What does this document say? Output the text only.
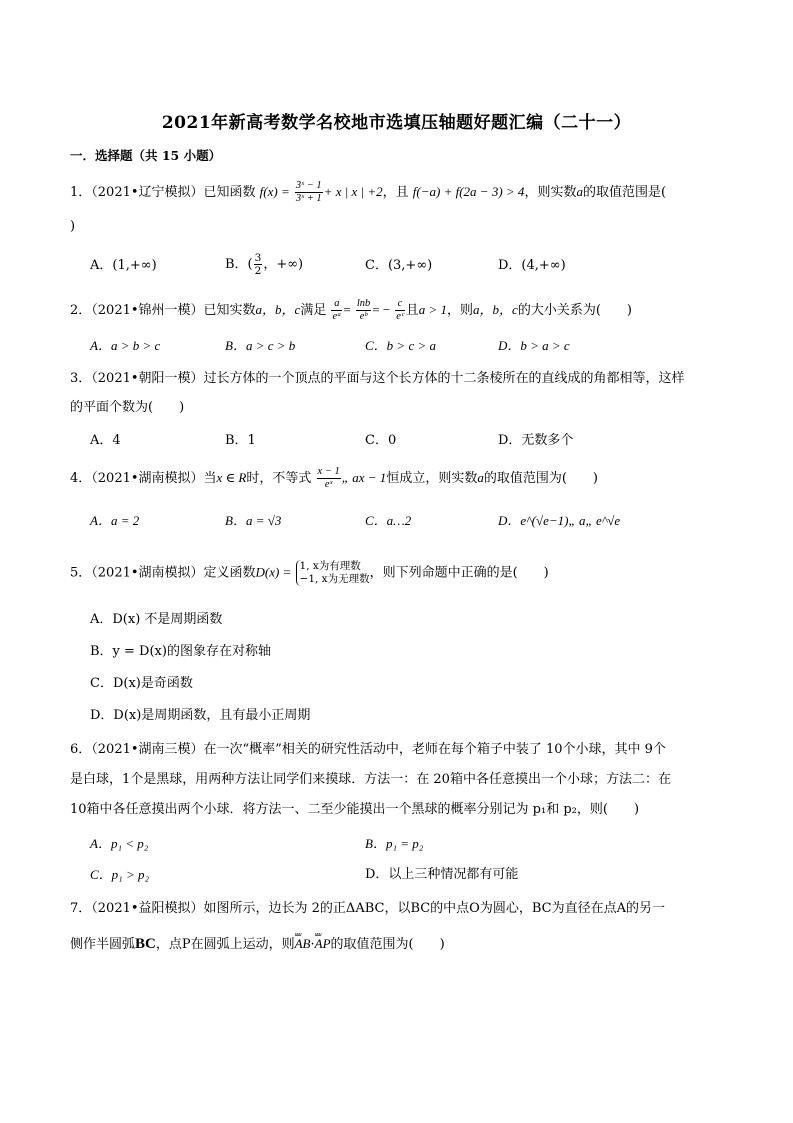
2021年新高考数学名校地市选填压轴题好题汇编（二十一）
一．选择题（共 15 小题）
1．（2021•辽宁模拟）已知函数 $f(x) = \frac{\text{3ˣ − 1}}{\text{3ˣ + 1}} + x$ | x | +2，且 f(−a) + f(2a − 3) > 4，则实数a的取值范围是(
)
A．(1,+∞)	B．( $\frac{3}{2}$ ，+∞)	C．(3,+∞)	D．(4,+∞)
2．（2021•锦州一模）已知实数a，b，c满足 $\frac{a}{\text{eᵃ}} = \frac{\ln b}{\text{eᵇ}}$ = − $\frac{c}{\text{eᶜ}}$ 且a > 1，则a，b，c的大小关系为(　　)
A．a > b > c	B．a > c > b	C．b > c > a	D．b > a > c
3．（2021•朝阳一模）过长方体的一个顶点的平面与这个长方体的十二条棱所在的直线成的角都相等，这样
的平面个数为(　　)
A．4	B．1	C．0	D．无数多个
4．（2021•湖南模拟）当x ∈ R时，不等式 $\frac{x - 1}{\text{eˣ}}$ „ ax − 1恒成立，则实数a的取值范围为(　　)
A．a = 2	B．a = √3	C．a…2	D．e^(√e−1)„ a„ e^√e
5．（2021•湖南模拟）定义函数D(x) = 1, x为有理数
−1, x为无理数 ，则下列命题中正确的是(　　)
A．D(x) 不是周期函数
B．y = D(x)的图象存在对称轴
C．D(x)是奇函数
D．D(x)是周期函数，且有最小正周期
6．（2021•湖南三模）在一次“概率”相关的研究性活动中，老师在每个箱子中装了 10个小球，其中 9个
是白球，1个是黑球，用两种方法让同学们来摸球．方法一：在 20箱中各任意摸出一个小球；方法二：在
10箱中各任意摸出两个小球．将方法一、二至少能摸出一个黑球的概率分别记为 p₁和 p₂，则(　　)
A．p₁ < p₂	B．p₁ = p₂
C．p₁ > p₂	D．以上三种情况都有可能
7．（2021•益阳模拟）如图所示，边长为 2的正ΔABC，以BC的中点O为圆心，BC为直径在点A的另一
侧作半圆弧BC，点P在圆弧上运动，则uuu AB·uuu AP的取值范围为(　　)
